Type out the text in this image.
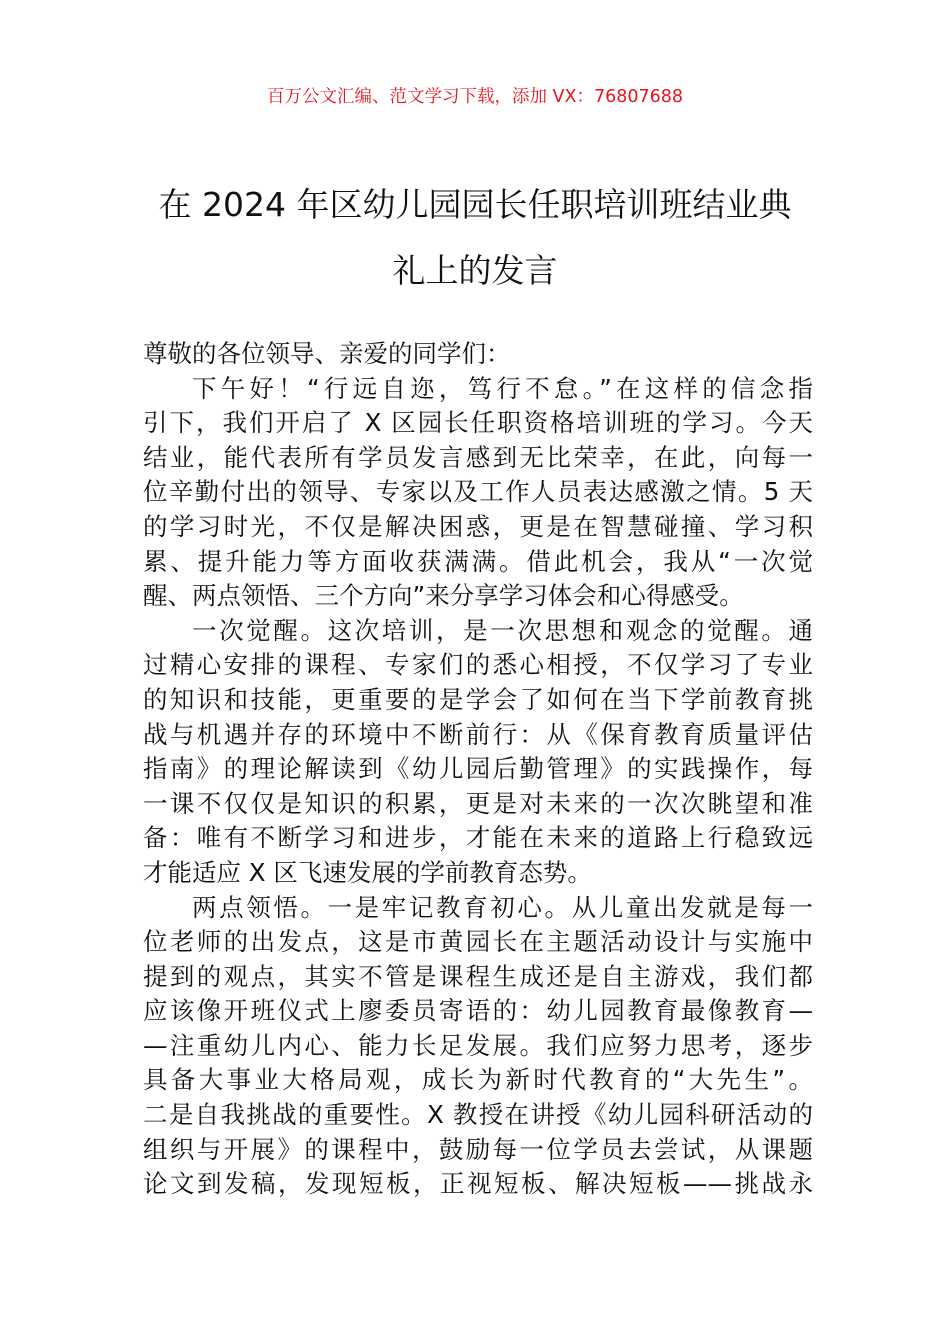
百万公文汇编、范文学习下载，添加 VX：76807688
在 2024 年区幼儿园园长任职培训班结业典
礼上的发言
尊敬的各位领导、亲爱的同学们：
下午好！“行远自迩，笃行不怠。”在这样的信念指
引下，我们开启了 X 区园长任职资格培训班的学习。今天
结业，能代表所有学员发言感到无比荣幸，在此，向每一
位辛勤付出的领导、专家以及工作人员表达感激之情。5 天
的学习时光，不仅是解决困惑，更是在智慧碰撞、学习积
累、提升能力等方面收获满满。借此机会，我从“一次觉
醒、两点领悟、三个方向”来分享学习体会和心得感受。
一次觉醒。这次培训，是一次思想和观念的觉醒。通
过精心安排的课程、专家们的悉心相授，不仅学习了专业
的知识和技能，更重要的是学会了如何在当下学前教育挑
战与机遇并存的环境中不断前行：从《保育教育质量评估
指南》的理论解读到《幼儿园后勤管理》的实践操作，每
一课不仅仅是知识的积累，更是对未来的一次次眺望和准
备：唯有不断学习和进步，才能在未来的道路上行稳致远
才能适应 X 区飞速发展的学前教育态势。
两点领悟。一是牢记教育初心。从儿童出发就是每一
位老师的出发点，这是市黄园长在主题活动设计与实施中
提到的观点，其实不管是课程生成还是自主游戏，我们都
应该像开班仪式上廖委员寄语的：幼儿园教育最像教育—
—注重幼儿内心、能力长足发展。我们应努力思考，逐步
具备大事业大格局观，成长为新时代教育的“大先生”。
二是自我挑战的重要性。X 教授在讲授《幼儿园科研活动的
组织与开展》的课程中，鼓励每一位学员去尝试，从课题
论文到发稿，发现短板，正视短板、解决短板——挑战永
